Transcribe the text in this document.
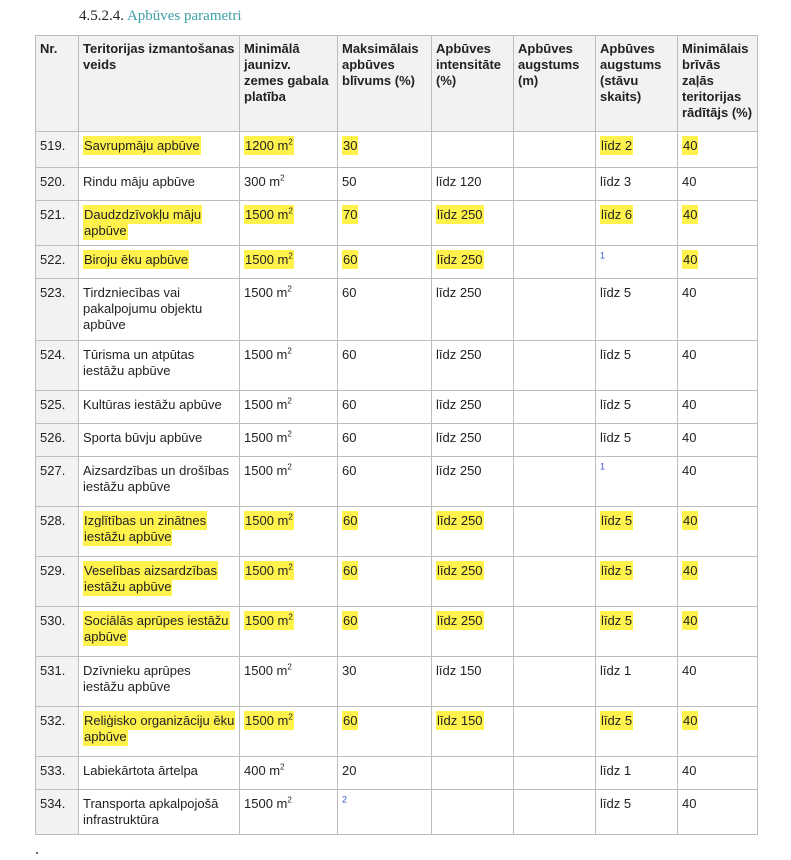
4.5.2.4. Apbūves parametri
Nr.	Teritorijas izmantošanas veids	Minimālā jaunizv. zemes gabala platība	Maksimālais apbūves blīvums (%)	Apbūves intensitāte (%)	Apbūves augstums (m)	Apbūves augstums (stāvu skaits)	Minimālais brīvās zaļās teritorijas rādītājs (%)
519.	Savrupmāju apbūve	1200 $m^2$	30			līdz 2	40
520.	Rindu māju apbūve	300 $m^2$	50	līdz 120		līdz 3	40
521.	Daudzdzīvokļu māju apbūve	1500 $m^2$	70	līdz 250		līdz 6	40
522.	Biroju ēku apbūve	1500 $m^2$	60	līdz 250		$^1$	40
523.	Tirdzniecības vai pakalpojumu objektu apbūve	1500 $m^2$	60	līdz 250		līdz 5	40
524.	Tūrisma un atpūtas iestāžu apbūve	1500 $m^2$	60	līdz 250		līdz 5	40
525.	Kultūras iestāžu apbūve	1500 $m^2$	60	līdz 250		līdz 5	40
526.	Sporta būvju apbūve	1500 $m^2$	60	līdz 250		līdz 5	40
527.	Aizsardzības un drošības iestāžu apbūve	1500 $m^2$	60	līdz 250		$^1$	40
528.	Izglītības un zinātnes iestāžu apbūve	1500 $m^2$	60	līdz 250		līdz 5	40
529.	Veselības aizsardzības iestāžu apbūve	1500 $m^2$	60	līdz 250		līdz 5	40
530.	Sociālās aprūpes iestāžu apbūve	1500 $m^2$	60	līdz 250		līdz 5	40
531.	Dzīvnieku aprūpes iestāžu apbūve	1500 $m^2$	30	līdz 150		līdz 1	40
532.	Reliģisko organizāciju ēku apbūve	1500 $m^2$	60	līdz 150		līdz 5	40
533.	Labiekārtota ārtelpa	400 $m^2$	20			līdz 1	40
534.	Transporta apkalpojošā infrastruktūra	1500 $m^2$	$^2$			līdz 5	40
